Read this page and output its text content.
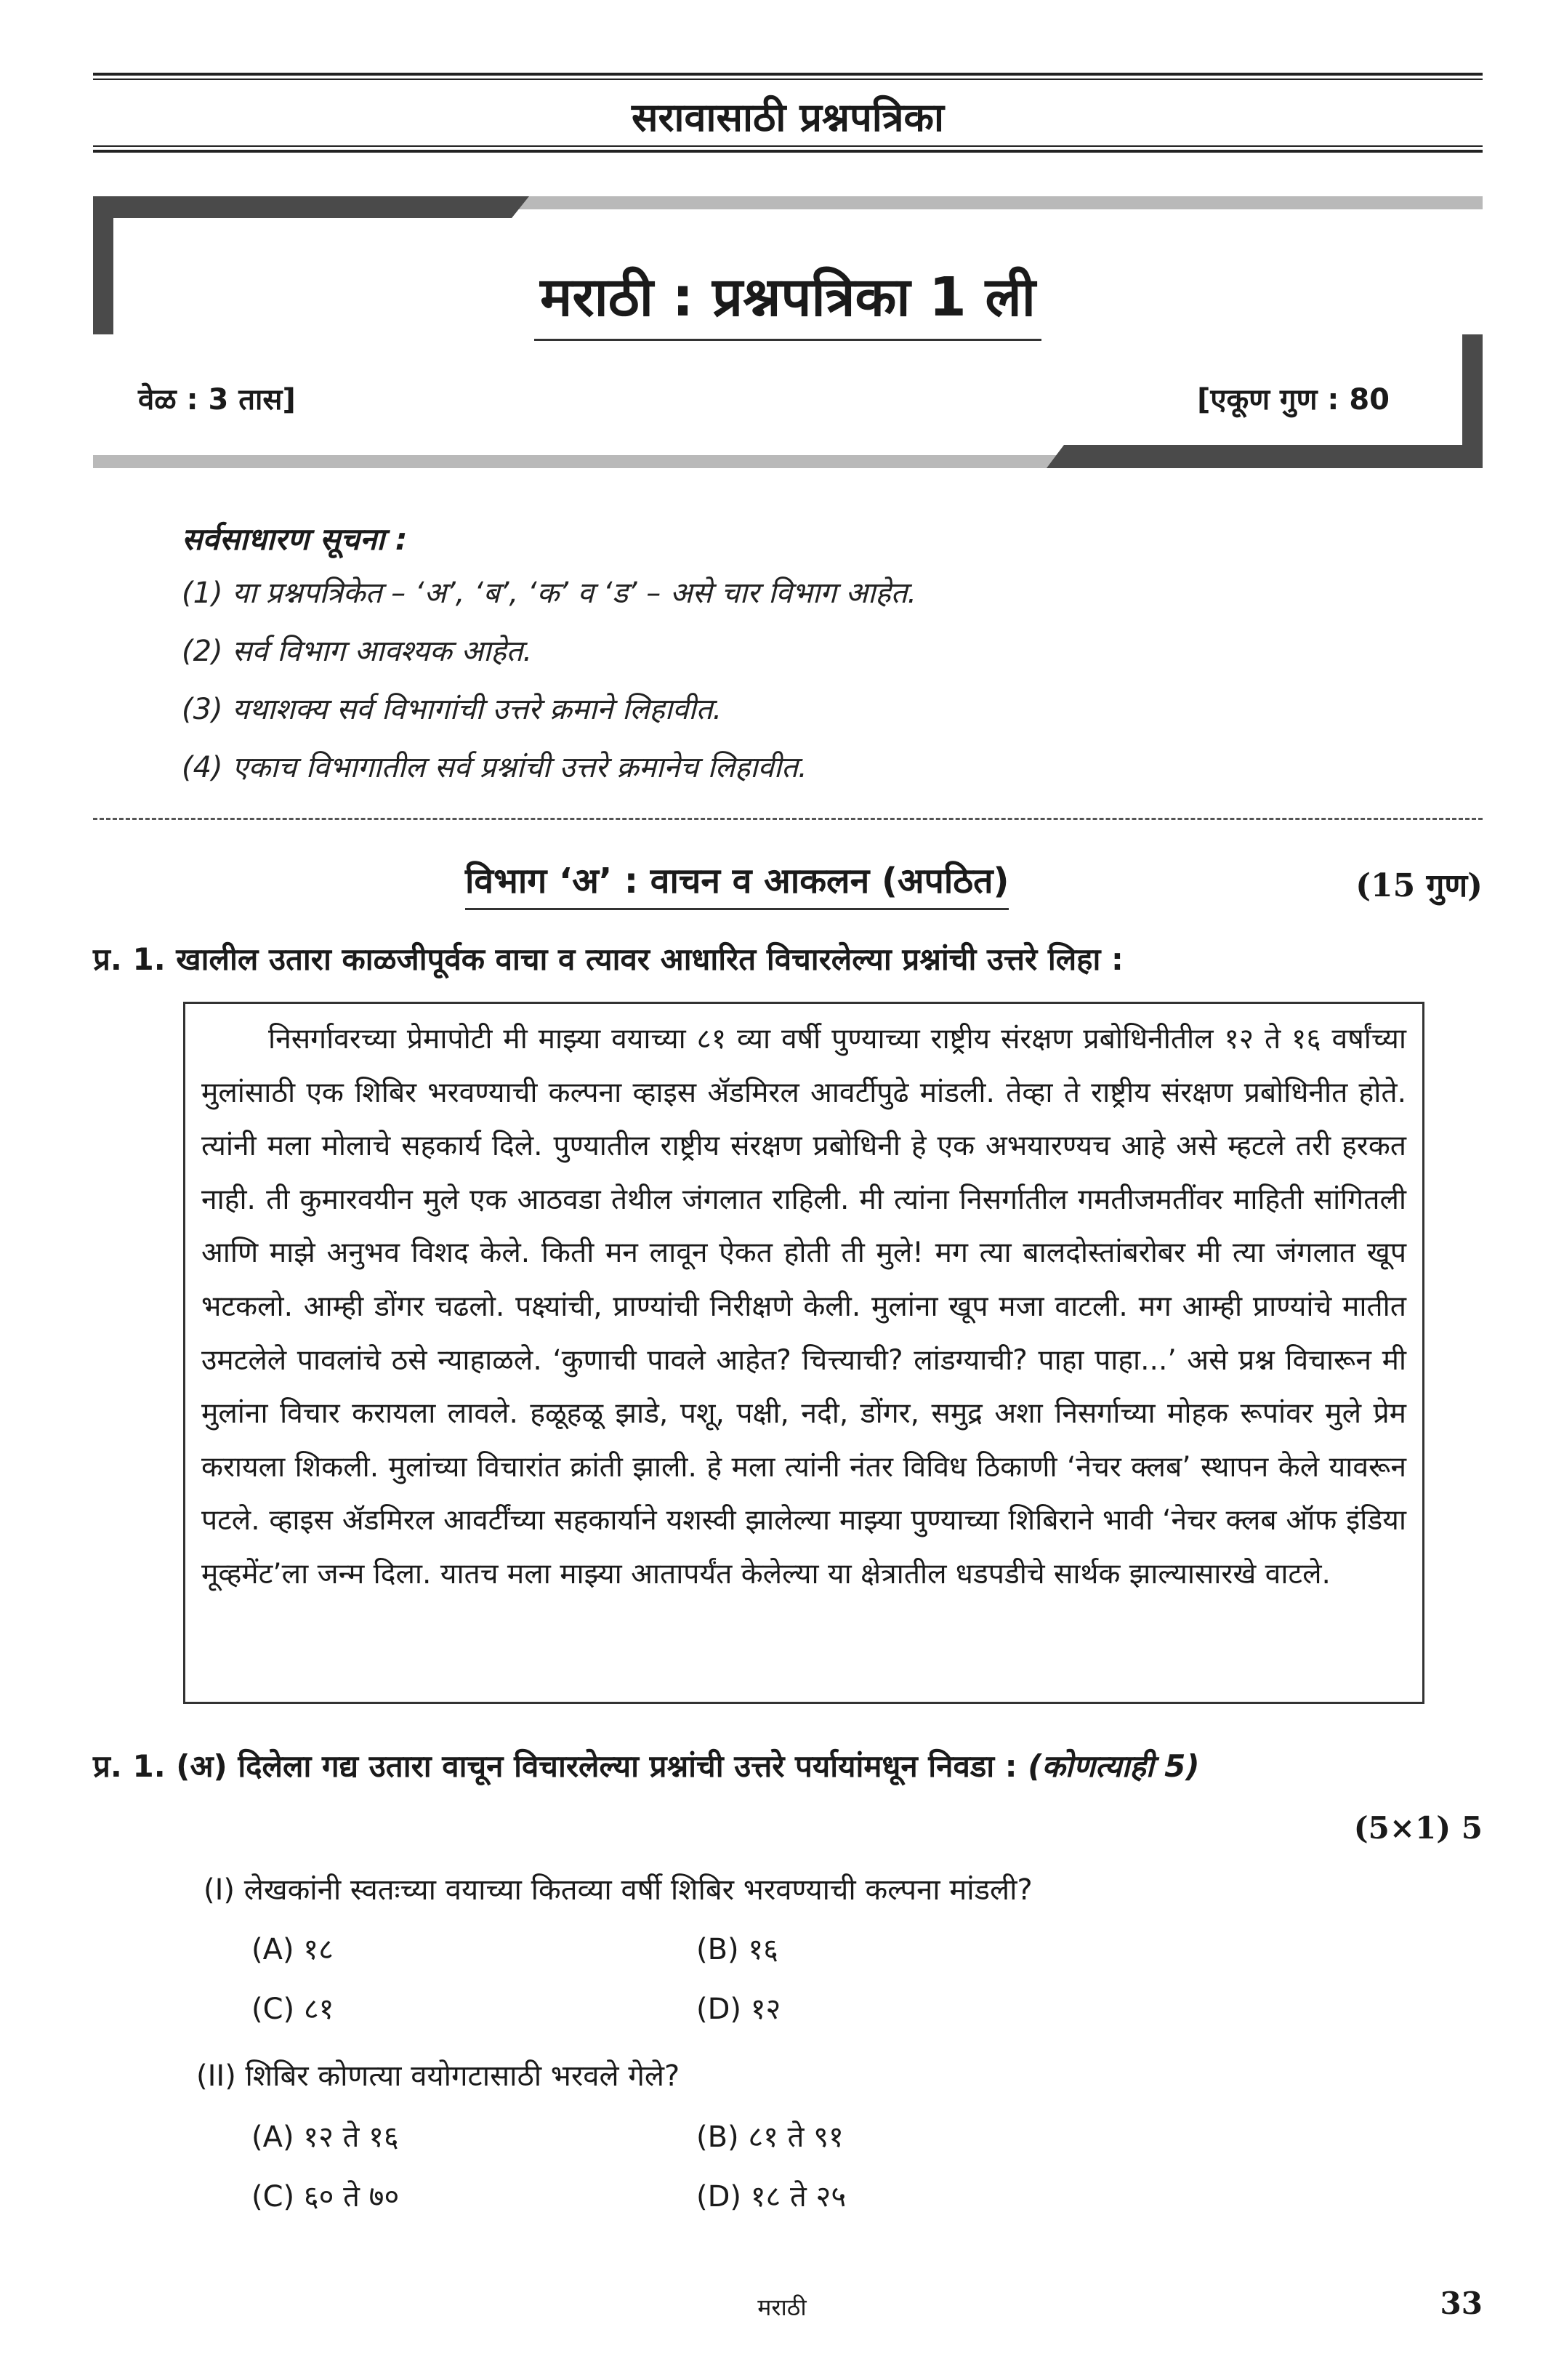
सरावासाठी प्रश्नपत्रिका
मराठी : प्रश्नपत्रिका 1 ली
वेळ : 3 तास]	[एकूण गुण : 80
सर्वसाधारण सूचना :
(1) या प्रश्नपत्रिकेत – ‘अ’, ‘ब’, ‘क’ व ‘ड’ – असे चार विभाग आहेत.
(2) सर्व विभाग आवश्यक आहेत.
(3) यथाशक्य सर्व विभागांची उत्तरे क्रमाने लिहावीत.
(4) एकाच विभागातील सर्व प्रश्नांची उत्तरे क्रमानेच लिहावीत.
विभाग ‘अ’ : वाचन व आकलन (अपठित)	(15 गुण)
प्र. 1. खालील उतारा काळजीपूर्वक वाचा व त्यावर आधारित विचारलेल्या प्रश्नांची उत्तरे लिहा :

निसर्गावरच्या प्रेमापोटी मी माझ्या वयाच्या ८१ व्या वर्षी पुण्याच्या राष्ट्रीय संरक्षण प्रबोधिनीतील १२ ते १६ वर्षांच्या मुलांसाठी एक शिबिर भरवण्याची कल्पना व्हाइस ॲडमिरल आवर्टीपुढे मांडली. तेव्हा ते राष्ट्रीय संरक्षण प्रबोधिनीत होते. त्यांनी मला मोलाचे सहकार्य दिले. पुण्यातील राष्ट्रीय संरक्षण प्रबोधिनी हे एक अभयारण्यच आहे असे म्हटले तरी हरकत नाही. ती कुमारवयीन मुले एक आठवडा तेथील जंगलात राहिली. मी त्यांना निसर्गातील गमतीजमतींवर माहिती सांगितली आणि माझे अनुभव विशद केले. किती मन लावून ऐकत होती ती मुले! मग त्या बालदोस्तांबरोबर मी त्या जंगलात खूप भटकलो. आम्ही डोंगर चढलो. पक्ष्यांची, प्राण्यांची निरीक्षणे केली. मुलांना खूप मजा वाटली. मग आम्ही प्राण्यांचे मातीत उमटलेले पावलांचे ठसे न्याहाळले. ‘कुणाची पावले आहेत? चित्त्याची? लांडग्याची? पाहा पाहा...’ असे प्रश्न विचारून मी मुलांना विचार करायला लावले. हळूहळू झाडे, पशू, पक्षी, नदी, डोंगर, समुद्र अशा निसर्गाच्या मोहक रूपांवर मुले प्रेम करायला शिकली. मुलांच्या विचारांत क्रांती झाली. हे मला त्यांनी नंतर विविध ठिकाणी ‘नेचर क्लब’ स्थापन केले यावरून पटले. व्हाइस ॲडमिरल आवर्टींच्या सहकार्याने यशस्वी झालेल्या माझ्या पुण्याच्या शिबिराने भावी ‘नेचर क्लब ऑफ इंडिया मूव्हमेंट’ला जन्म दिला. यातच मला माझ्या आतापर्यंत केलेल्या या क्षेत्रातील धडपडीचे सार्थक झाल्यासारखे वाटले.

प्र. 1. (अ) दिलेला गद्य उतारा वाचून विचारलेल्या प्रश्नांची उत्तरे पर्यायांमधून निवडा : (कोणत्याही 5)
(5×1) 5
(I) लेखकांनी स्वतःच्या वयाच्या कितव्या वर्षी शिबिर भरवण्याची कल्पना मांडली?
(A) १८	(B) १६
(C) ८१	(D) १२
(II) शिबिर कोणत्या वयोगटासाठी भरवले गेले?
(A) १२ ते १६	(B) ८१ ते ९१
(C) ६० ते ७०	(D) १८ ते २५
मराठी	33
